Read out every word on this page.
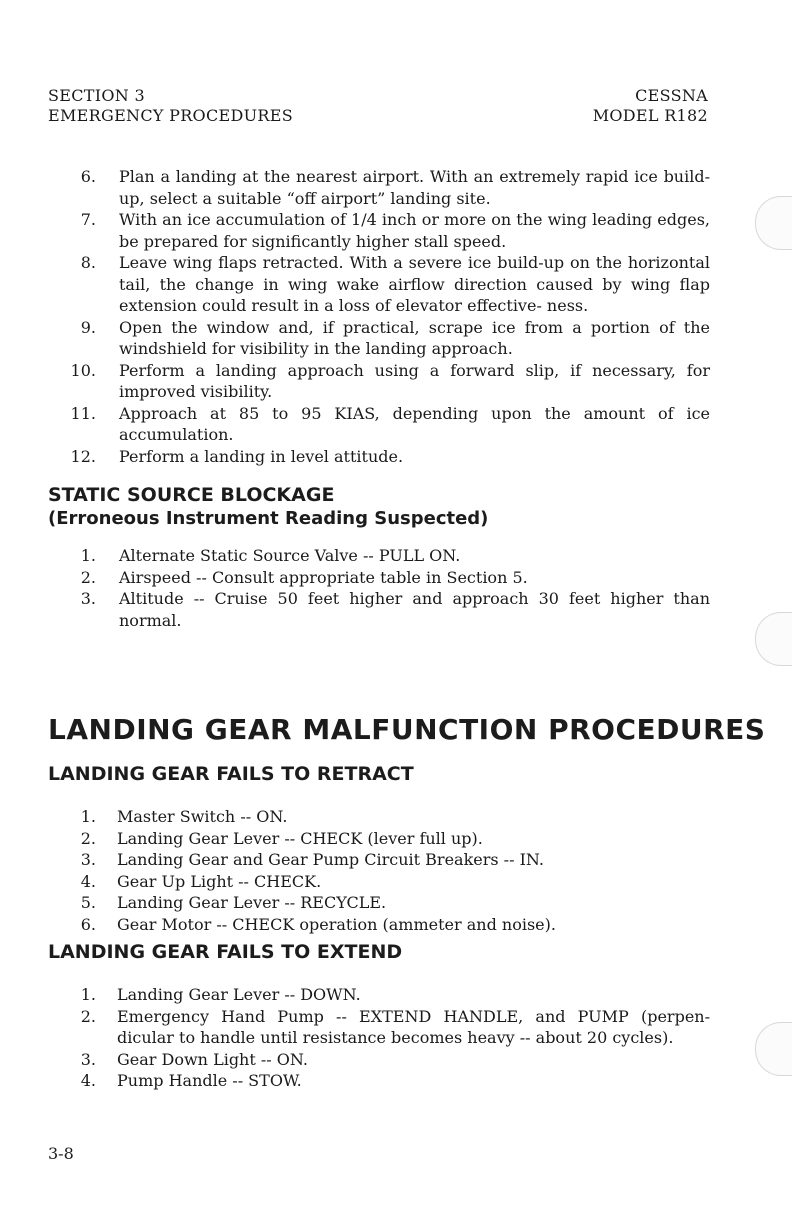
SECTION 3
EMERGENCY PROCEDURES
CESSNA
MODEL R182
6. Plan a landing at the nearest airport. With an extremely rapid ice build-up, select a suitable “off airport” landing site.
7. With an ice accumulation of 1/4 inch or more on the wing leading edges, be prepared for significantly higher stall speed.
8. Leave wing flaps retracted. With a severe ice build-up on the horizontal tail, the change in wing wake airflow direction caused by wing flap extension could result in a loss of elevator effective- ness.
9. Open the window and, if practical, scrape ice from a portion of the windshield for visibility in the landing approach.
10. Perform a landing approach using a forward slip, if necessary, for improved visibility.
11. Approach at 85 to 95 KIAS, depending upon the amount of ice accumulation.
12. Perform a landing in level attitude.
STATIC SOURCE BLOCKAGE
(Erroneous Instrument Reading Suspected)
1. Alternate Static Source Valve -- PULL ON.
2. Airspeed -- Consult appropriate table in Section 5.
3. Altitude -- Cruise 50 feet higher and approach 30 feet higher than normal.
LANDING GEAR MALFUNCTION PROCEDURES
LANDING GEAR FAILS TO RETRACT
1. Master Switch -- ON.
2. Landing Gear Lever -- CHECK (lever full up).
3. Landing Gear and Gear Pump Circuit Breakers -- IN.
4. Gear Up Light -- CHECK.
5. Landing Gear Lever -- RECYCLE.
6. Gear Motor -- CHECK operation (ammeter and noise).
LANDING GEAR FAILS TO EXTEND
1. Landing Gear Lever -- DOWN.
2. Emergency Hand Pump -- EXTEND HANDLE, and PUMP (perpen- dicular to handle until resistance becomes heavy -- about 20 cycles).
3. Gear Down Light -- ON.
4. Pump Handle -- STOW.
3-8
